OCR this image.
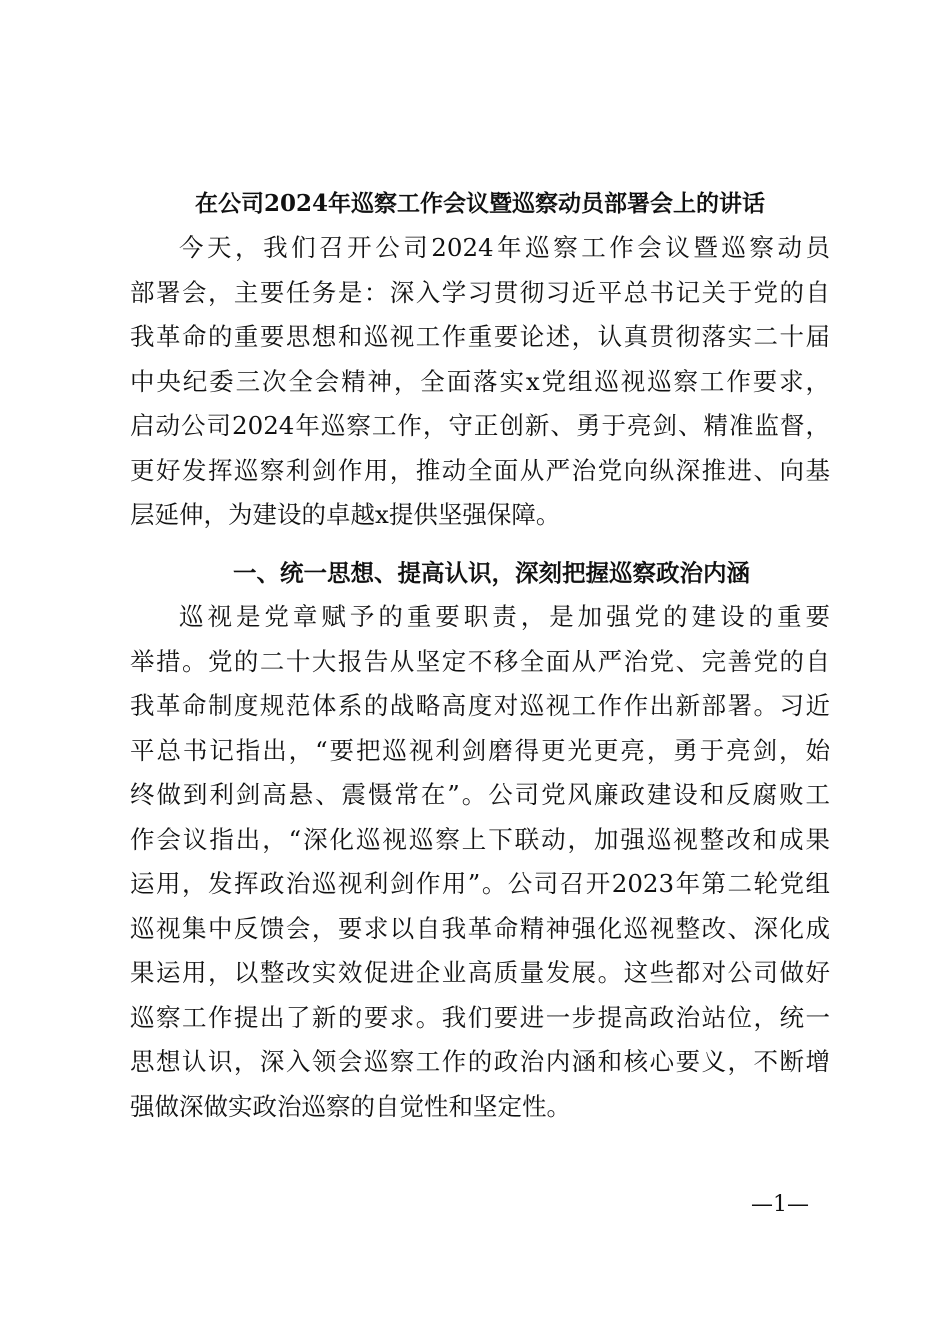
在公司2024年巡察工作会议暨巡察动员部署会上的讲话
今天，我们召开公司2024年巡察工作会议暨巡察动员
部署会，主要任务是：深入学习贯彻习近平总书记关于党的自
我革命的重要思想和巡视工作重要论述，认真贯彻落实二十届
中央纪委三次全会精神，全面落实x党组巡视巡察工作要求，
启动公司2024年巡察工作，守正创新、勇于亮剑、精准监督，
更好发挥巡察利剑作用，推动全面从严治党向纵深推进、向基
层延伸，为建设的卓越x提供坚强保障。
一、统一思想、提高认识，深刻把握巡察政治内涵
巡视是党章赋予的重要职责，是加强党的建设的重要
举措。党的二十大报告从坚定不移全面从严治党、完善党的自
我革命制度规范体系的战略高度对巡视工作作出新部署。习近
平总书记指出，“要把巡视利剑磨得更光更亮，勇于亮剑，始
终做到利剑高悬、震慑常在”。公司党风廉政建设和反腐败工
作会议指出，“深化巡视巡察上下联动，加强巡视整改和成果
运用，发挥政治巡视利剑作用”。公司召开2023年第二轮党组
巡视集中反馈会，要求以自我革命精神强化巡视整改、深化成
果运用，以整改实效促进企业高质量发展。这些都对公司做好
巡察工作提出了新的要求。我们要进一步提高政治站位，统一
思想认识，深入领会巡察工作的政治内涵和核心要义，不断增
强做深做实政治巡察的自觉性和坚定性。
—1—
